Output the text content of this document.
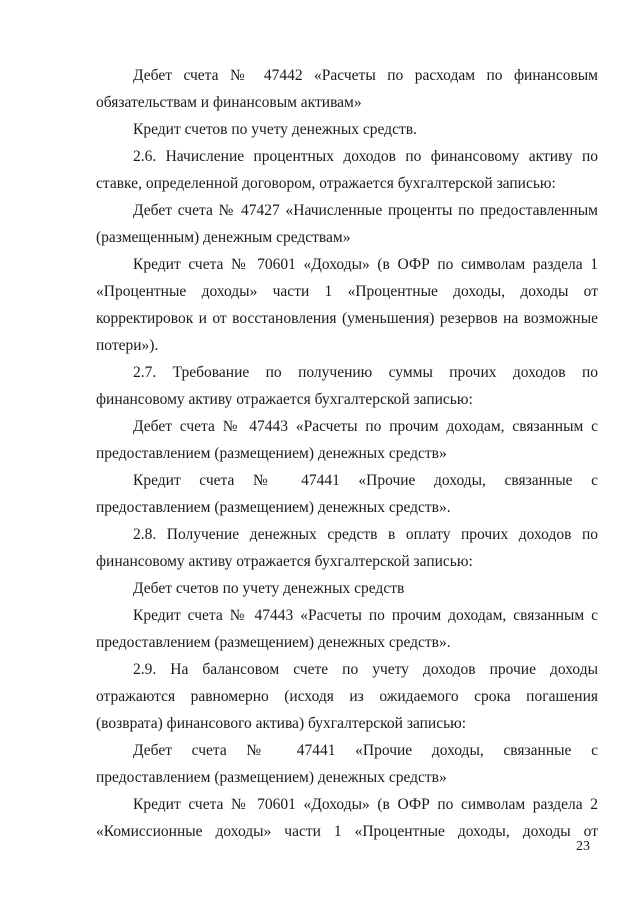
Дебет счета № 47442 «Расчеты по расходам по финансовым
обязательствам и финансовым активам»
Кредит счетов по учету денежных средств.
2.6. Начисление процентных доходов по финансовому активу по
ставке, определенной договором, отражается бухгалтерской записью:
Дебет счета № 47427 «Начисленные проценты по предоставленным
(размещенным) денежным средствам»
Кредит счета № 70601 «Доходы» (в ОФР по символам раздела 1
«Процентные доходы» части 1 «Процентные доходы, доходы от
корректировок и от восстановления (уменьшения) резервов на возможные
потери»).
2.7. Требование по получению суммы прочих доходов по
финансовому активу отражается бухгалтерской записью:
Дебет счета № 47443 «Расчеты по прочим доходам, связанным с
предоставлением (размещением) денежных средств»
Кредит счета № 47441 «Прочие доходы, связанные с
предоставлением (размещением) денежных средств».
2.8. Получение денежных средств в оплату прочих доходов по
финансовому активу отражается бухгалтерской записью:
Дебет счетов по учету денежных средств
Кредит счета № 47443 «Расчеты по прочим доходам, связанным с
предоставлением (размещением) денежных средств».
2.9. На балансовом счете по учету доходов прочие доходы
отражаются равномерно (исходя из ожидаемого срока погашения
(возврата) финансового актива) бухгалтерской записью:
Дебет счета № 47441 «Прочие доходы, связанные с
предоставлением (размещением) денежных средств»
Кредит счета № 70601 «Доходы» (в ОФР по символам раздела 2
«Комиссионные доходы» части 1 «Процентные доходы, доходы от
23
